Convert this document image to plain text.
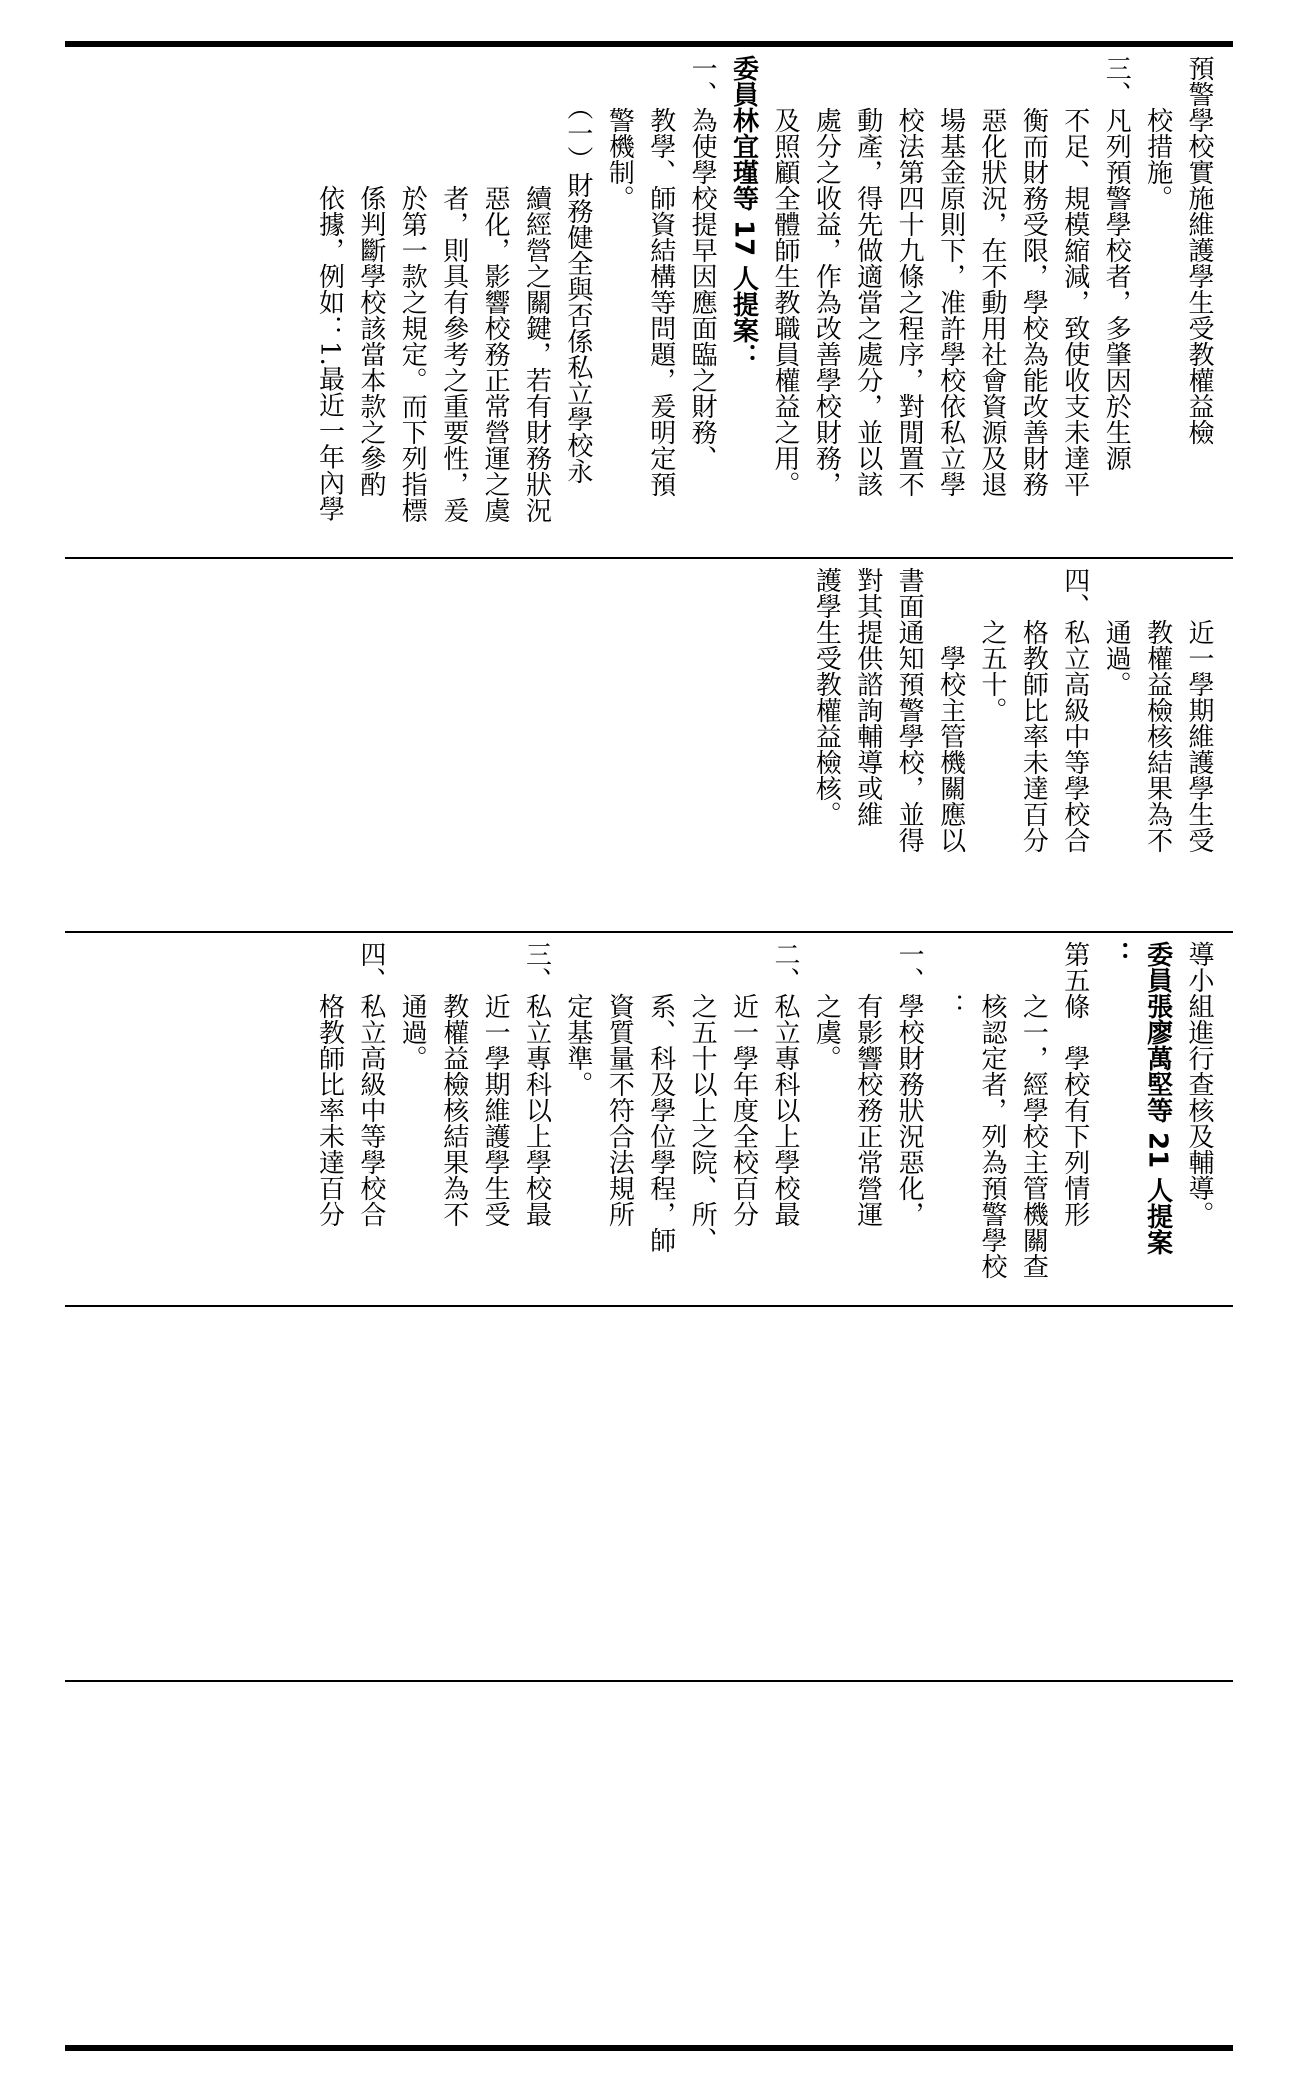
預警學校實施維護學生受教權益檢

　　校措施。

三、凡列預警學校者，多肇因於生源

　　不足、規模縮減，致使收支未達平

　　衡而財務受限，學校為能改善財務

　　惡化狀況，在不動用社會資源及退

　　場基金原則下，准許學校依私立學

　　校法第四十九條之程序，對閒置不

　　動產，得先做適當之處分，並以該

　　處分之收益，作為改善學校財務，

　　及照顧全體師生教職員權益之用。

委員林宜瑾等 17 人提案：

一、為使學校提早因應面臨之財務、

　　教學、師資結構等問題，爰明定預

　　警機制。

　　（一）財務健全與否係私立學校永

　　　　　續經營之關鍵，若有財務狀況

　　　　　惡化，影響校務正常營運之虞

　　　　　者，則具有參考之重要性，爰

　　　　　於第一款之規定。而下列指標

　　　　　係判斷學校該當本款之參酌

　　　　　依據，例如：1.最近一年內學

　　近一學期維護學生受

　　教權益檢核結果為不

　　通過。

四、私立高級中等學校合

　　格教師比率未達百分

　　之五十。

　　　學校主管機關應以

書面通知預警學校，並得

對其提供諮詢輔導或維

護學生受教權益檢核。

導小組進行查核及輔導。

委員張廖萬堅等 21 人提案

：

第五條　學校有下列情形

　　之一，經學校主管機關查

　　核認定者，列為預警學校

　　：

一、學校財務狀況惡化，

　　有影響校務正常營運

　　之虞。

二、私立專科以上學校最

　　近一學年度全校百分

　　之五十以上之院、所、

　　系、科及學位學程，師

　　資質量不符合法規所

　　定基準。

三、私立專科以上學校最

　　近一學期維護學生受

　　教權益檢核結果為不

　　通過。

四、私立高級中等學校合

　　格教師比率未達百分
